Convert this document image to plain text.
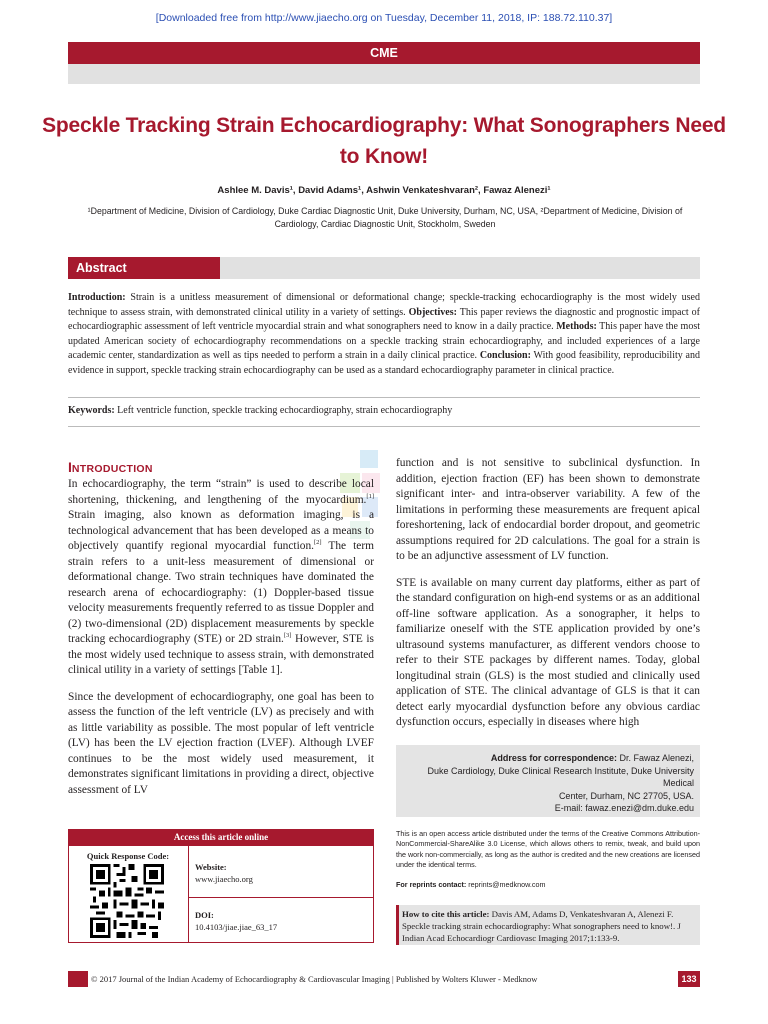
[Downloaded free from http://www.jiaecho.org on Tuesday, December 11, 2018, IP: 188.72.110.37]
CME
Speckle Tracking Strain Echocardiography: What Sonographers Need to Know!
Ashlee M. Davis¹, David Adams¹, Ashwin Venkateshvaran², Fawaz Alenezi¹
¹Department of Medicine, Division of Cardiology, Duke Cardiac Diagnostic Unit, Duke University, Durham, NC, USA, ²Department of Medicine, Division of Cardiology, Cardiac Diagnostic Unit, Stockholm, Sweden
Abstract
Introduction: Strain is a unitless measurement of dimensional or deformational change; speckle-tracking echocardiography is the most widely used technique to assess strain, with demonstrated clinical utility in a variety of settings. Objectives: This paper reviews the diagnostic and prognostic impact of echocardiographic assessment of left ventricle myocardial strain and what sonographers need to know in a daily practice. Methods: This paper have the most updated American society of echocardiography recommendations on a speckle tracking strain echocardiography, and included experiences of a large academic center, standardization as well as tips needed to perform a strain in a daily clinical practice. Conclusion: With good feasibility, reproducibility and evidence in support, speckle tracking strain echocardiography can be used as a standard echocardiography parameter in clinical practice.
Keywords: Left ventricle function, speckle tracking echocardiography, strain echocardiography
INTRODUCTION

In echocardiography, the term “strain” is used to describe local shortening, thickening, and lengthening of the myocardium.[1] Strain imaging, also known as deformation imaging, is a technological advancement that has been developed as a means to objectively quantify regional myocardial function.[2] The term strain refers to a unit-less measurement of dimensional or deformational change. Two strain techniques have dominated the research arena of echocardiography: (1) Doppler-based tissue velocity measurements frequently referred to as tissue Doppler and (2) two-dimensional (2D) displacement measurements by speckle tracking echocardiography (STE) or 2D strain.[3] However, STE is the most widely used technique to assess strain, with demonstrated clinical utility in a variety of settings [Table 1].

Since the development of echocardiography, one goal has been to assess the function of the left ventricle (LV) as precisely and with as little variability as possible. The most popular of left ventricle (LV) has been the LV ejection fraction (LVEF). Although LVEF continues to be the most widely used measurement, it demonstrates significant limitations in providing a direct, objective assessment of LV

function and is not sensitive to subclinical dysfunction. In addition, ejection fraction (EF) has been shown to demonstrate significant inter- and intra-observer variability. A few of the limitations in performing these measurements are frequent apical foreshortening, lack of endocardial border dropout, and geometric assumptions required for 2D calculations. The goal for a strain is to be an adjunctive assessment of LV function.

STE is available on many current day platforms, either as part of the standard configuration on high-end systems or as an additional off-line software application. As a sonographer, it helps to familiarize oneself with the STE application provided by one’s ultrasound systems manufacturer, as different vendors choose to refer to their STE packages by different names. Today, global longitudinal strain (GLS) is the most studied and clinically used application of STE. The clinical advantage of GLS is that it can detect early myocardial dysfunction before any obvious cardiac dysfunction occurs, especially in diseases where high

Address for correspondence: Dr. Fawaz Alenezi,
Duke Cardiology, Duke Clinical Research Institute, Duke University Medical
Center, Durham, NC 27705, USA.
E-mail: fawaz.enezi@dm.duke.edu
Access this article online
Quick Response Code:
Website:
www.jiaecho.org
DOI:
10.4103/jiae.jiae_63_17
This is an open access article distributed under the terms of the Creative Commons Attribution-NonCommercial-ShareAlike 3.0 License, which allows others to remix, tweak, and build upon the work non-commercially, as long as the author is credited and the new creations are licensed under the identical terms.
For reprints contact: reprints@medknow.com
How to cite this article: Davis AM, Adams D, Venkateshvaran A, Alenezi F. Speckle tracking strain echocardiography: What sonographers need to know!. J Indian Acad Echocardiogr Cardiovasc Imaging 2017;1:133-9.
© 2017 Journal of the Indian Academy of Echocardiography & Cardiovascular Imaging | Published by Wolters Kluwer - Medknow	133
